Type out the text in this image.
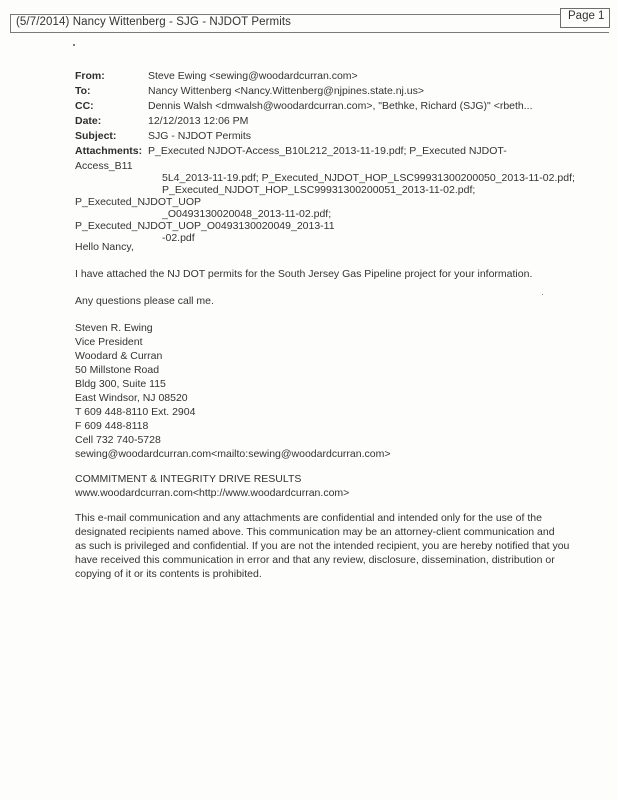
(5/7/2014) Nancy Wittenberg - SJG - NJDOT Permits	Page 1
From:	Steve Ewing <sewing@woodardcurran.com>
To:	Nancy Wittenberg <Nancy.Wittenberg@njpines.state.nj.us>
CC:	Dennis Walsh <dmwalsh@woodardcurran.com>, "Bethke, Richard (SJG)" <rbeth...
Date:	12/12/2013 12:06 PM
Subject:	SJG - NJDOT Permits
Attachments: P_Executed NJDOT-Access_B10L212_2013-11-19.pdf; P_Executed NJDOT-
Access_B11
5L4_2013-11-19.pdf; P_Executed_NJDOT_HOP_LSC99931300200050_2013-11-02.pdf;
P_Executed_NJDOT_HOP_LSC99931300200051_2013-11-02.pdf;
P_Executed_NJDOT_UOP
_O0493130020048_2013-11-02.pdf;
P_Executed_NJDOT_UOP_O0493130020049_2013-11
-02.pdf
Hello Nancy,
I have attached the NJ DOT permits for the South Jersey Gas Pipeline project for your information.
Any questions please call me.
Steven R. Ewing
Vice President
Woodard & Curran
50 Millstone Road
Bldg 300, Suite 115
East Windsor, NJ 08520
T 609 448-8110 Ext. 2904
F 609 448-8118
Cell 732 740-5728
sewing@woodardcurran.com<mailto:sewing@woodardcurran.com>
COMMITMENT & INTEGRITY DRIVE RESULTS
www.woodardcurran.com<http://www.woodardcurran.com>
This e-mail communication and any attachments are confidential and intended only for the use of the
designated recipients named above. This communication may be an attorney-client communication and
as such is privileged and confidential. If you are not the intended recipient, you are hereby notified that you
have received this communication in error and that any review, disclosure, dissemination, distribution or
copying of it or its contents is prohibited.
